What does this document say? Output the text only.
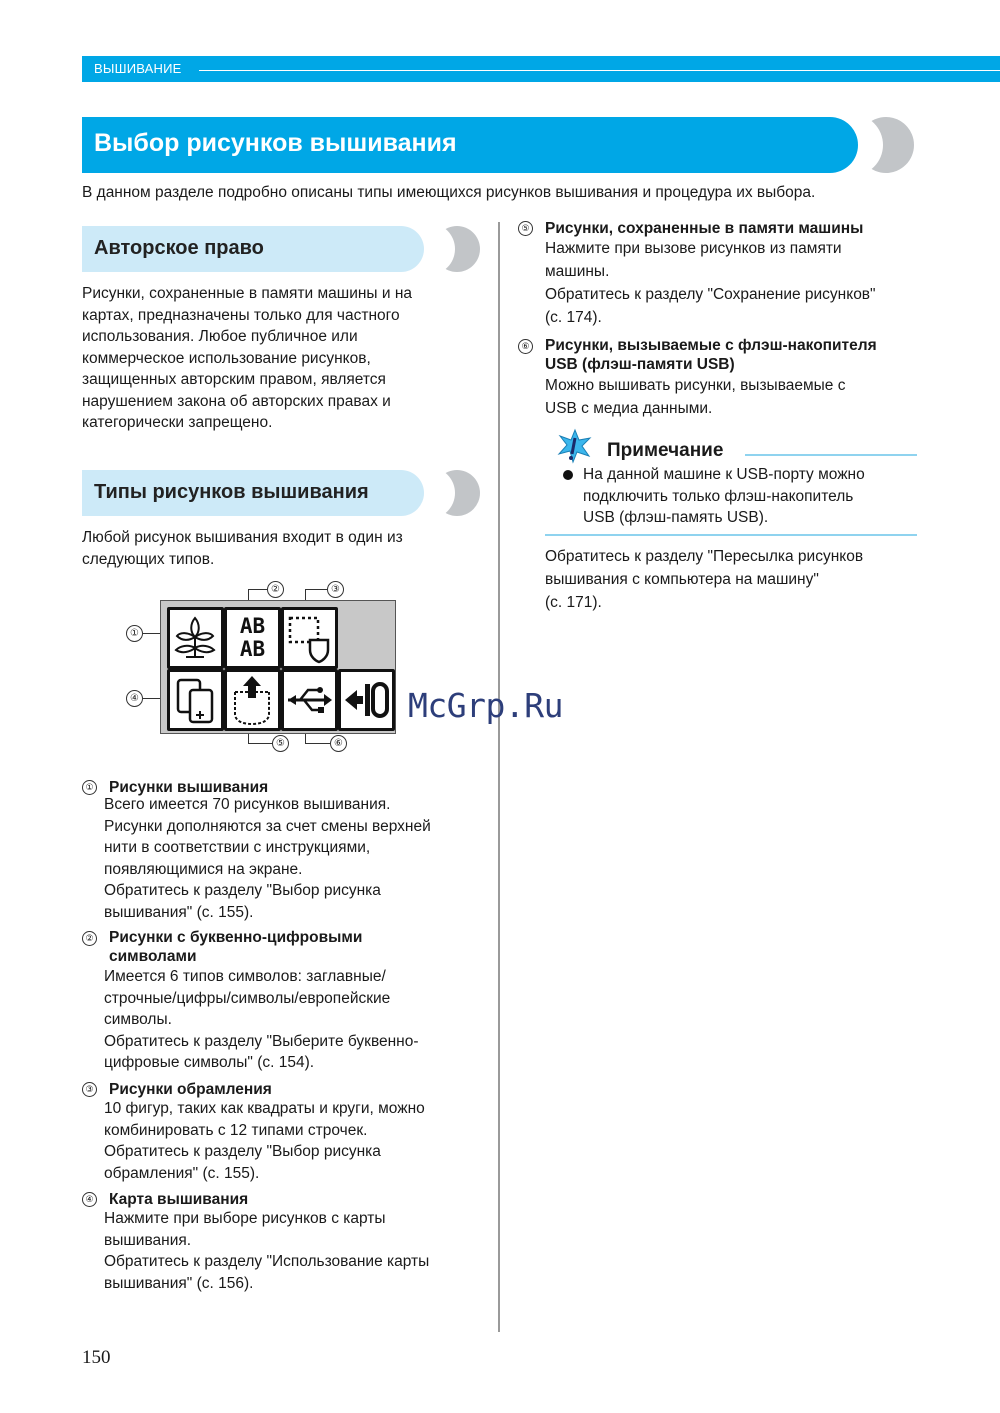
ВЫШИВАНИЕ
Выбор рисунков вышивания
В данном разделе подробно описаны типы имеющихся рисунков вышивания и процедура их выбора.
Авторское право
Рисунки, сохраненные в памяти машины и на
картах, предназначены только для частного
использования. Любое публичное или
коммерческое использование рисунков,
защищенных авторским правом, является
нарушением закона об авторских правах и
категорически запрещено.
Типы рисунков вышивания
Любой рисунок вышивания входит в один из
следующих типов.
①
②	③
④
⑤	⑥
AB
AB
① Рисунки вышивания
Всего имеется 70 рисунков вышивания.
Рисунки дополняются за счет смены верхней
нити в соответствии с инструкциями,
появляющимися на экране.
Обратитесь к разделу "Выбор рисунка
вышивания" (с. 155).
② Рисунки с буквенно-цифровыми
символами
Имеется 6 типов символов: заглавные/
строчные/цифры/символы/европейские
символы.
Обратитесь к разделу "Выберите буквенно-
цифровые символы" (с. 154).
③ Рисунки обрамления
10 фигур, таких как квадраты и круги, можно
комбинировать с 12 типами строчек.
Обратитесь к разделу "Выбор рисунка
обрамления" (с. 155).
④ Карта вышивания
Нажмите при выборе рисунков с карты
вышивания.
Обратитесь к разделу "Использование карты
вышивания" (с. 156).
⑤ Рисунки, сохраненные в памяти машины
Нажмите при вызове рисунков из памяти
машины.
Обратитесь к разделу "Сохранение рисунков"
(с. 174).
⑥ Рисунки, вызываемые с флэш-накопителя
USB (флэш-памяти USB)
Можно вышивать рисунки, вызываемые с
USB с медиа данными.
Примечание
На данной машине к USB-порту можно
подключить только флэш-накопитель
USB (флэш-память USB).
Обратитесь к разделу "Пересылка рисунков
вышивания с компьютера на машину"
(с. 171).
McGrp.Ru
150
